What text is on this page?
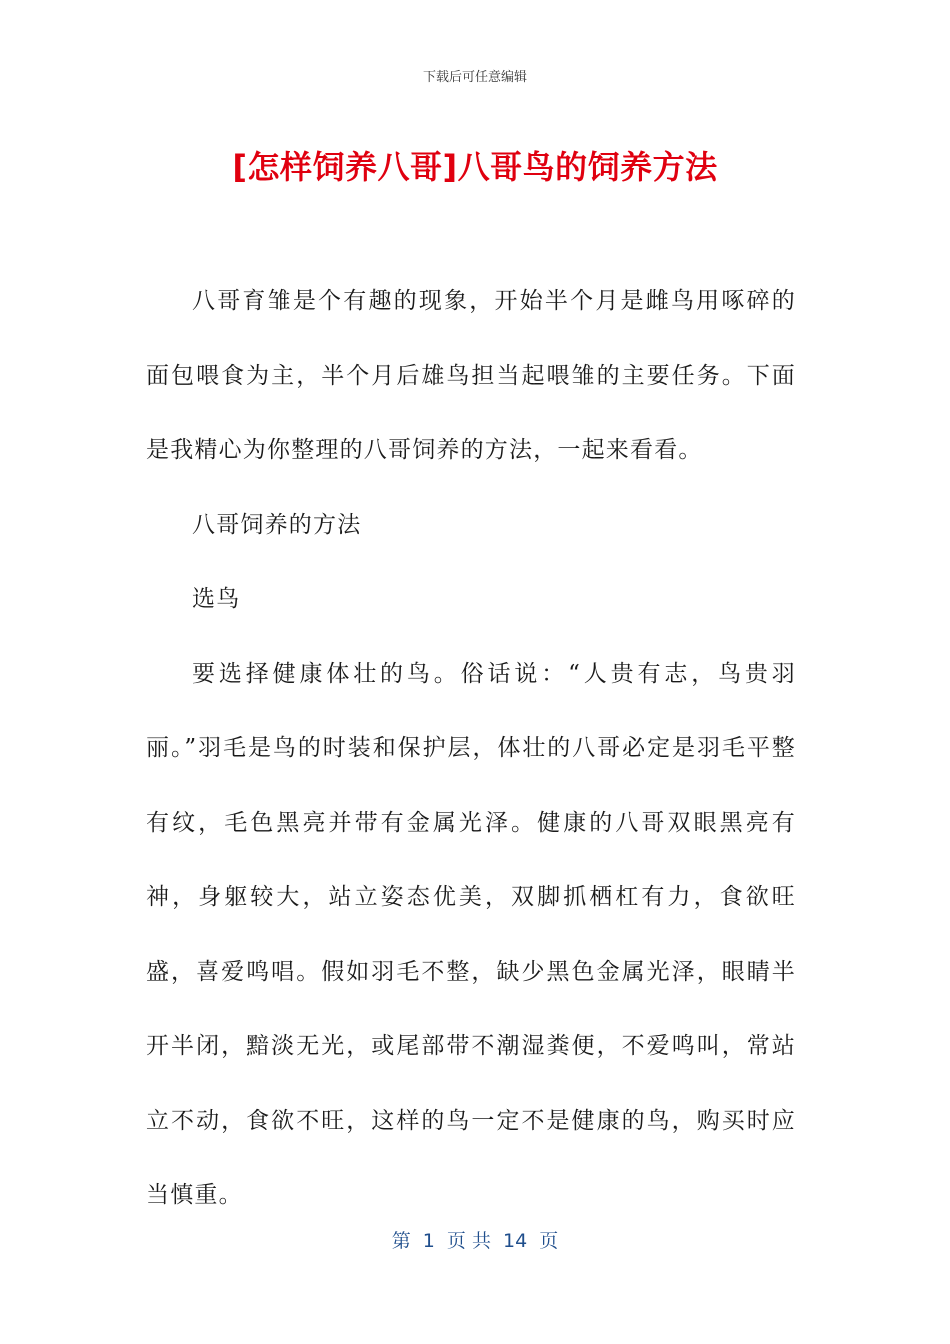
下载后可任意编辑
[怎样饲养八哥]八哥鸟的饲养方法

八哥育雏是个有趣的现象，开始半个月是雌鸟用啄碎的面包喂食为主，半个月后雄鸟担当起喂雏的主要任务。下面是我精心为你整理的八哥饲养的方法，一起来看看。

八哥饲养的方法

选鸟

要选择健康体壮的鸟。俗话说：“人贵有志，鸟贵羽丽。”羽毛是鸟的时装和保护层，体壮的八哥必定是羽毛平整有纹，毛色黑亮并带有金属光泽。健康的八哥双眼黑亮有神，身躯较大，站立姿态优美，双脚抓栖杠有力，食欲旺盛，喜爱鸣唱。假如羽毛不整，缺少黑色金属光泽，眼睛半开半闭，黯淡无光，或尾部带不潮湿粪便，不爱鸣叫，常站立不动，食欲不旺，这样的鸟一定不是健康的鸟，购买时应当慎重。

第  1  页 共  14  页
